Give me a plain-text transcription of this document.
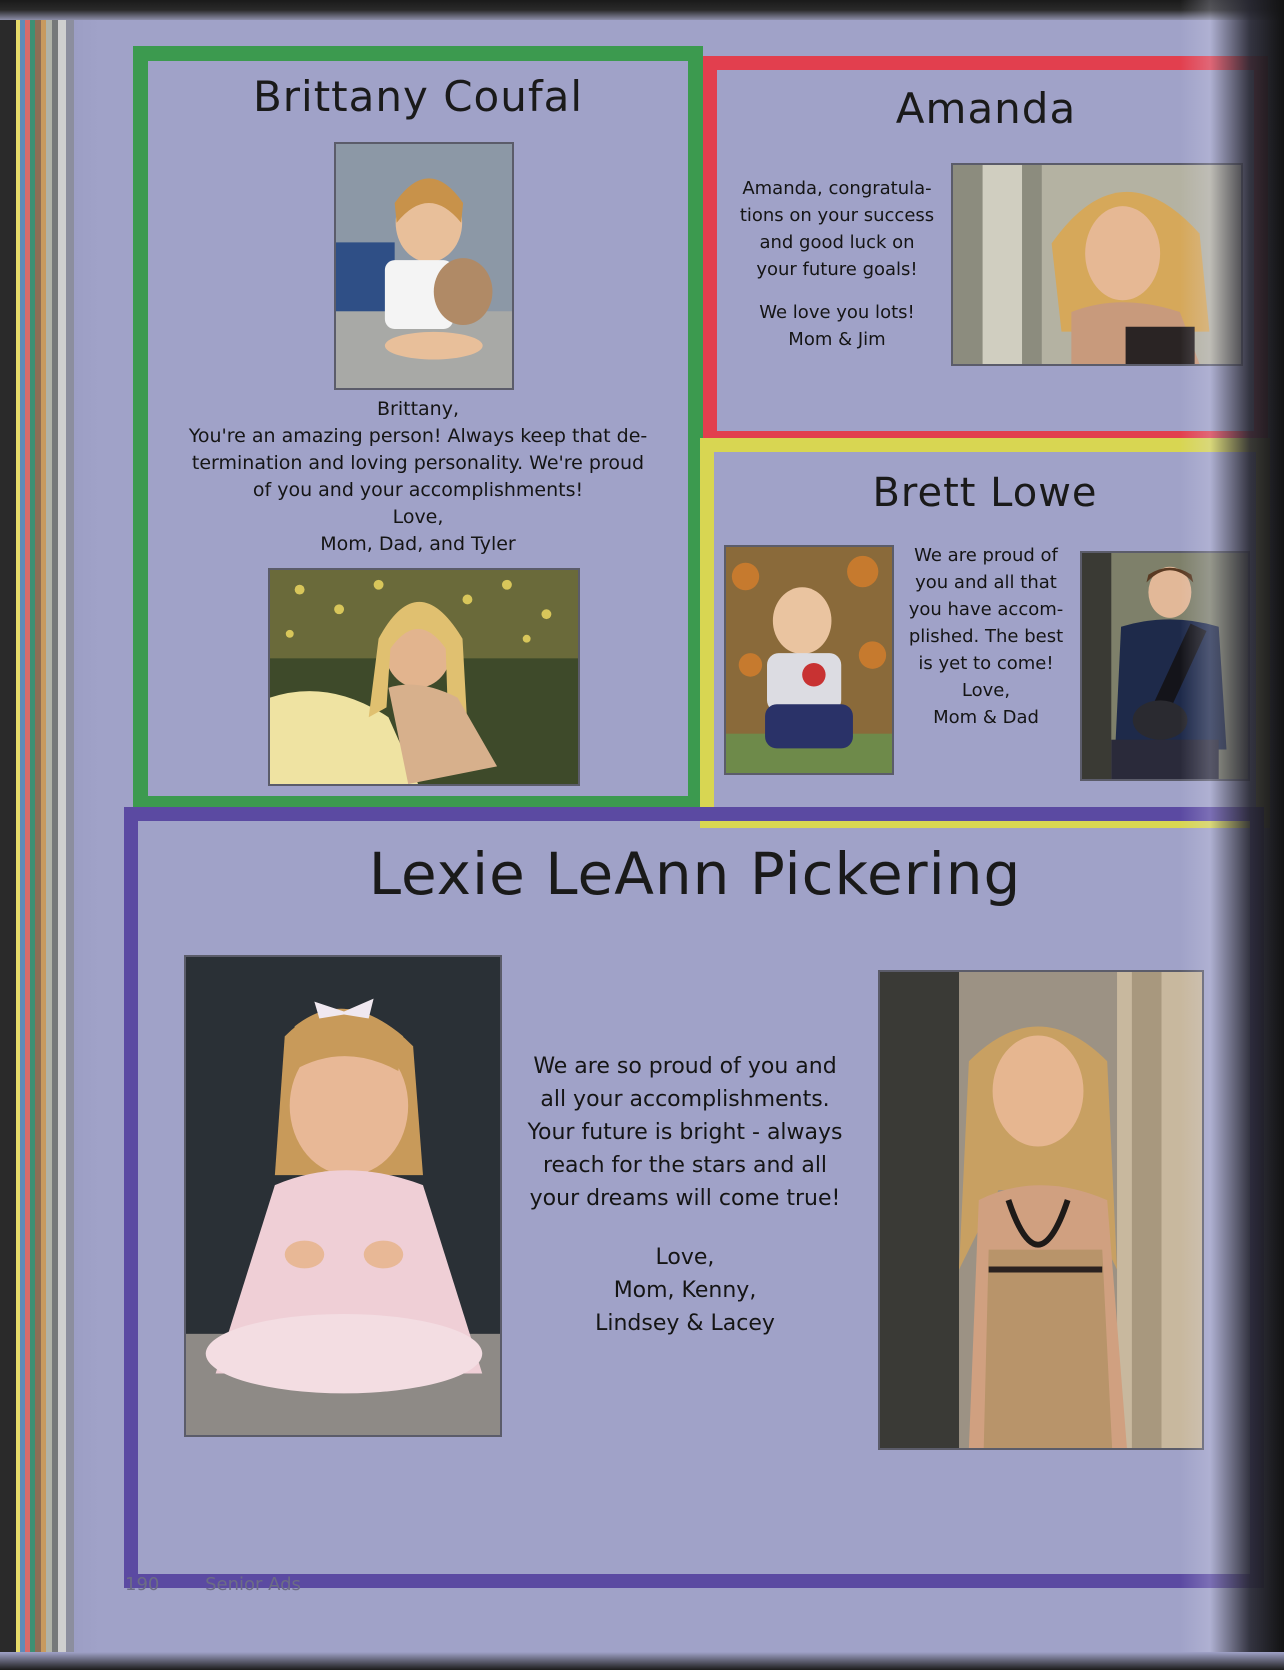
Brittany Coufal
Brittany,
You're an amazing person! Always keep that de-
termination and loving personality. We're proud
of you and your accomplishments!
Love,
Mom, Dad, and Tyler
Amanda
Amanda, congratula-
tions on your success
and good luck on
your future goals!
We love you lots!
Mom & Jim
Brett Lowe
We are proud of
you and all that
you have accom-
plished. The best
is yet to come!
Love,
Mom & Dad
Lexie LeAnn Pickering
We are so proud of you and
all your accomplishments.
Your future is bright - always
reach for the stars and all
your dreams will come true!
Love,
Mom, Kenny,
Lindsey & Lacey
190	Senior Ads
